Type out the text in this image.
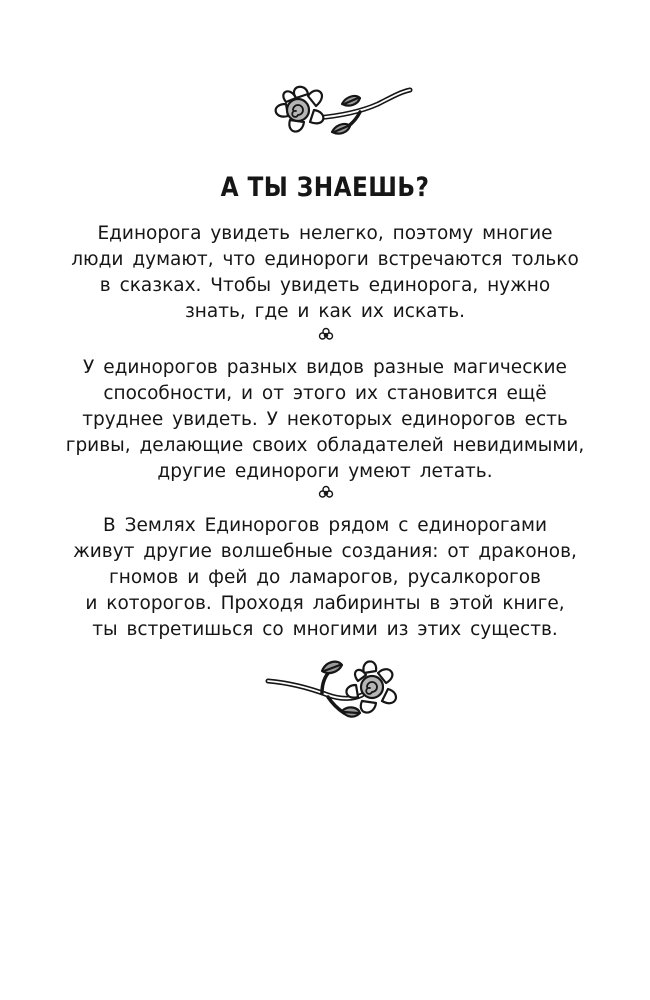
А ТЫ ЗНАЕШЬ?
Единорога увидеть нелегко, поэтому многие
люди думают, что единороги встречаются только
в сказках. Чтобы увидеть единорога, нужно
знать, где и как их искать.
У единорогов разных видов разные магические
способности, и от этого их становится ещё
труднее увидеть. У некоторых единорогов есть
гривы, делающие своих обладателей невидимыми,
другие единороги умеют летать.
В Землях Единорогов рядом с единорогами
живут другие волшебные создания: от драконов,
гномов и фей до ламарогов, русалкорогов
и которогов. Проходя лабиринты в этой книге,
ты встретишься со многими из этих существ.
